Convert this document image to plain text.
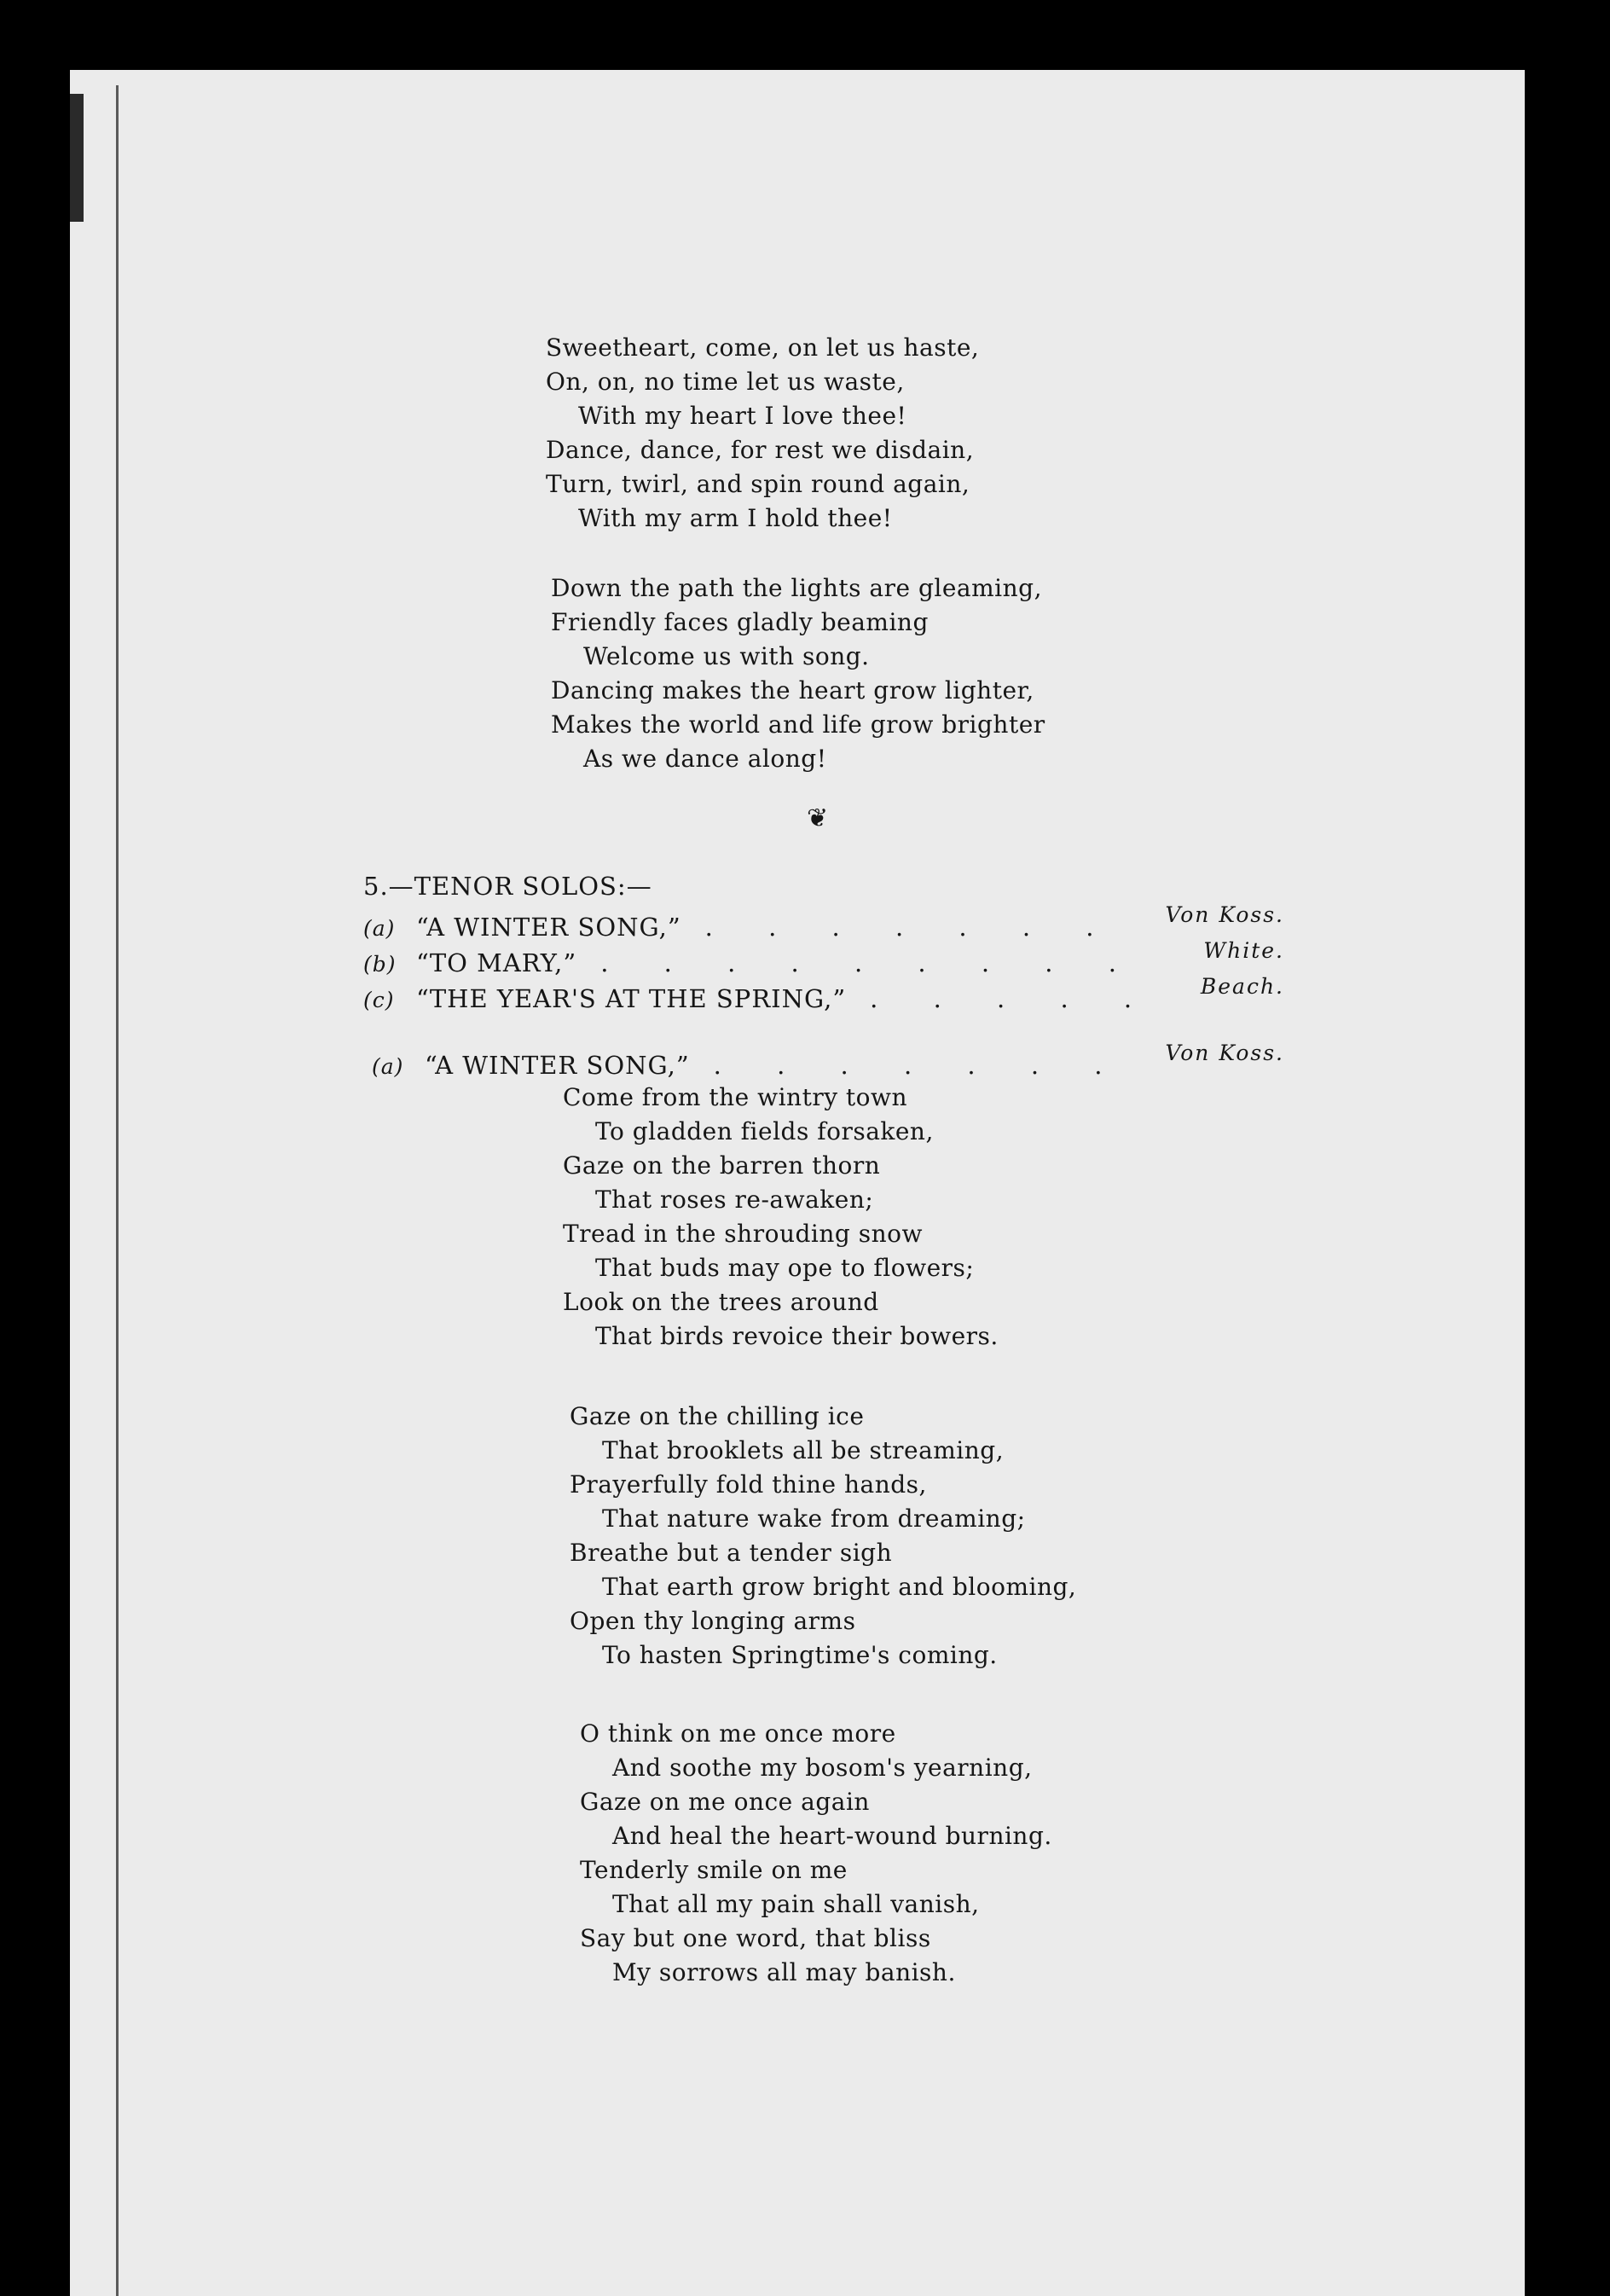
Sweetheart, come, on let us haste,
On, on, no time let us waste,
With my heart I love thee!
Dance, dance, for rest we disdain,
Turn, twirl, and spin round again,
With my arm I hold thee!
Down the path the lights are gleaming,
Friendly faces gladly beaming
Welcome us with song.
Dancing makes the heart grow lighter,
Makes the world and life grow brighter
As we dance along!
❦
5.—TENOR SOLOS:—
(a) “A WINTER SONG,” . . . . . . . Von Koss.
(b) “TO MARY,” . . . . . . . . .	White.
(c) “THE YEAR'S AT THE SPRING,” . . . . . Beach.
(a) “A WINTER SONG,” . . . . . . . Von Koss.
Come from the wintry town
To gladden fields forsaken,
Gaze on the barren thorn
That roses re-awaken;
Tread in the shrouding snow
That buds may ope to flowers;
Look on the trees around
That birds revoice their bowers.
Gaze on the chilling ice
That brooklets all be streaming,
Prayerfully fold thine hands,
That nature wake from dreaming;
Breathe but a tender sigh
That earth grow bright and blooming,
Open thy longing arms
To hasten Springtime's coming.
O think on me once more
And soothe my bosom's yearning,
Gaze on me once again
And heal the heart-wound burning.
Tenderly smile on me
That all my pain shall vanish,
Say but one word, that bliss
My sorrows all may banish.
